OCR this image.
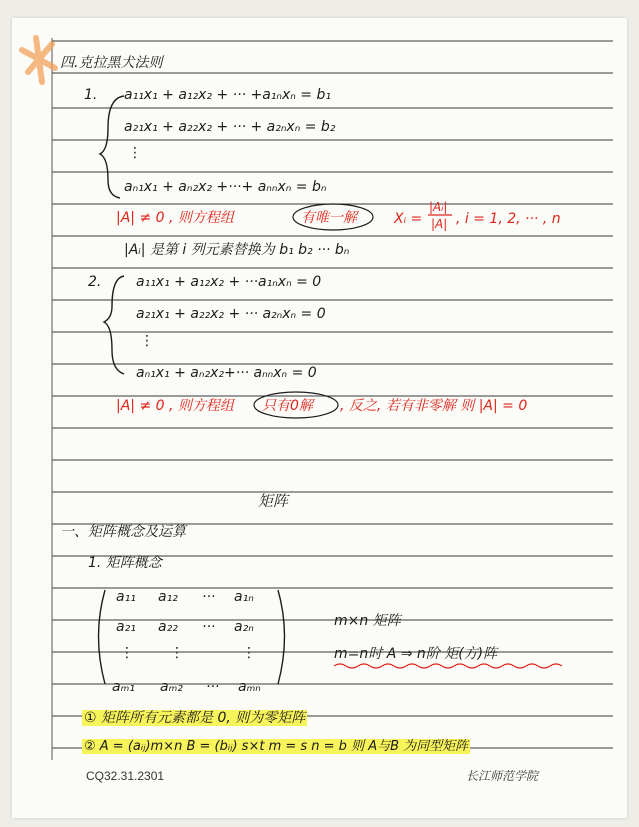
四.克拉黑犬法则
1. a₁₁x₁ + a₁₂x₂ + ··· +a₁ₙxₙ = b₁
a₂₁x₁ + a₂₂x₂ + ··· + a₂ₙxₙ = b₂
⋮
aₙ₁x₁ + aₙ₂x₂ +···+ aₙₙxₙ = bₙ
|A| ≠ 0 , 则方程组	有唯一解	Xᵢ =
|Aᵢ|
|A| , i = 1, 2, ··· , n
|Aᵢ| 是第 i 列元素替换为 b₁ b₂ ··· bₙ
2. a₁₁x₁ + a₁₂x₂ + ···a₁ₙxₙ = 0
a₂₁x₁ + a₂₂x₂ + ··· a₂ₙxₙ = 0
⋮
aₙ₁x₁ + aₙ₂x₂+··· aₙₙxₙ = 0
|A| ≠ 0 , 则方程组 只有0解 , 反之, 若有非零解 则 |A| = 0
矩阵
一、矩阵概念及运算
1. 矩阵概念
a₁₁ a₁₂ ··· a₁ₙ
a₂₁ a₂₂ ··· a₂ₙ
⋮	⋮	⋮
aₘ₁ aₘ₂ ··· aₘₙ
m×n 矩阵
m=n时 A ⇒ n阶 矩(方)阵
① 矩阵所有元素都是 0, 则为零矩阵
② A = (aᵢⱼ)m×n B = (bᵢⱼ) s×t m = s n = b 则 A与B 为同型矩阵
CQ32.31.2301	长江师范学院
